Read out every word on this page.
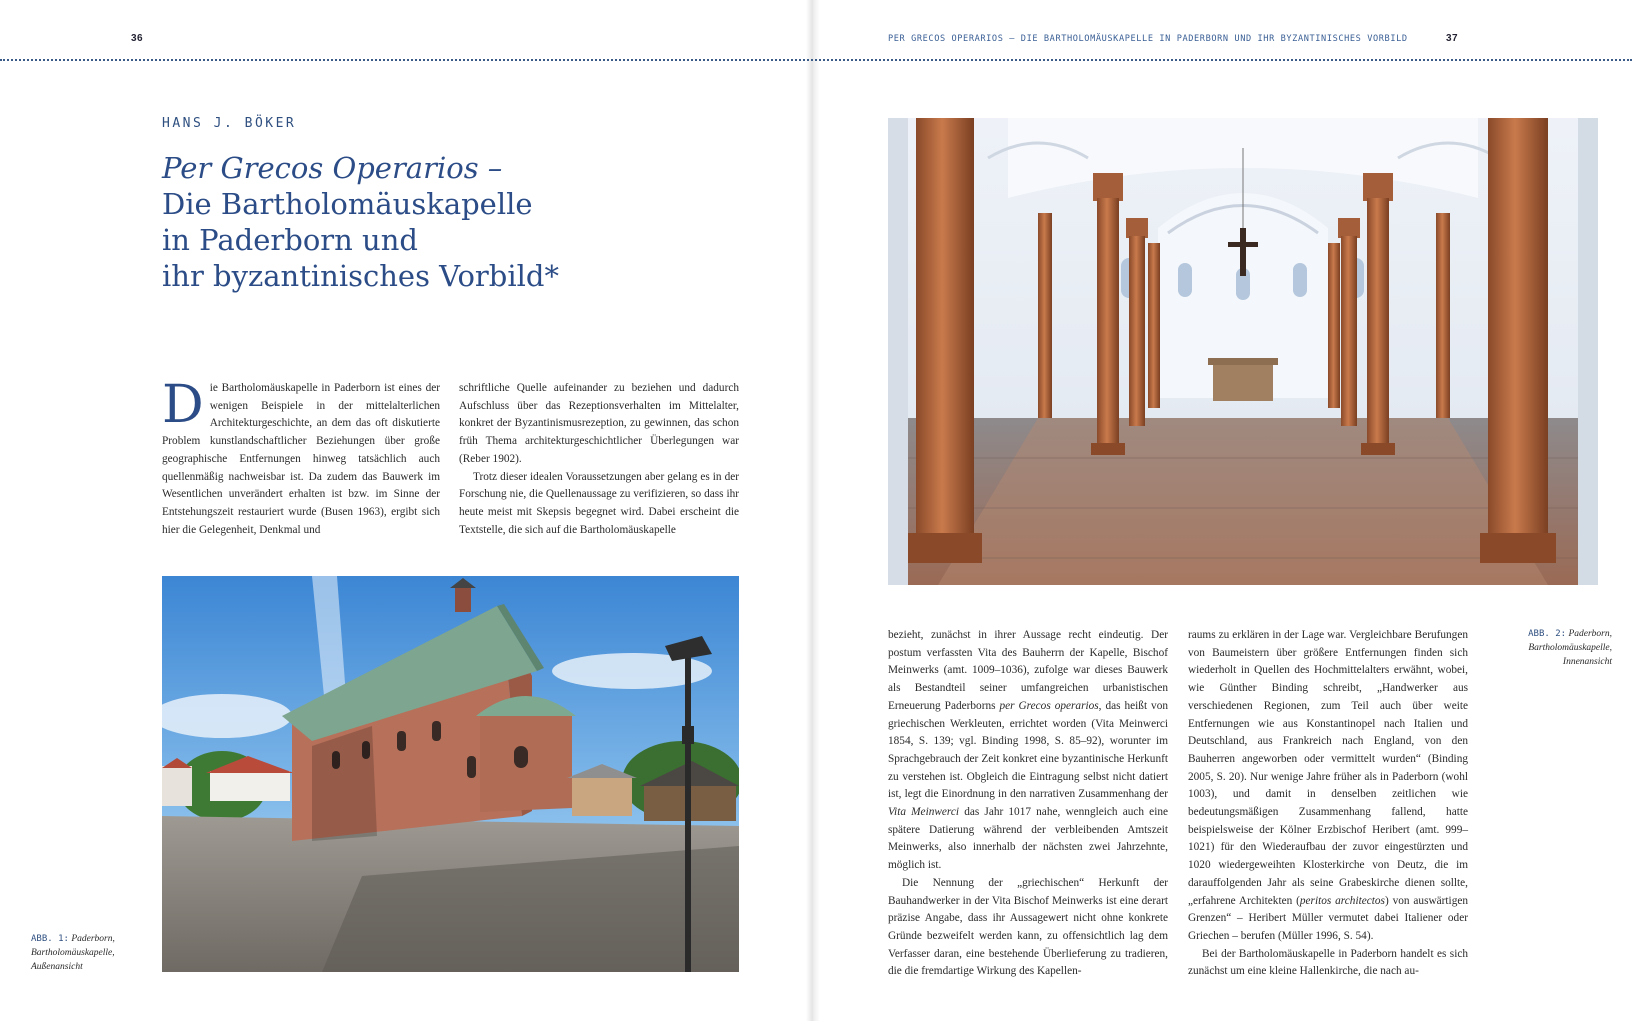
36
HANS J. BÖKER
Per Grecos Operarios –
Die Bartholomäuskapelle
in Paderborn und
ihr byzantinisches Vorbild*

Die Bartholomäuskapelle in Paderborn ist eines der wenigen Beispiele in der mittelalterlichen Architekturgeschichte, an dem das oft diskutierte Problem kunstlandschaftlicher Beziehungen über große geographische Entfernungen hinweg tatsächlich auch quellenmäßig nachweisbar ist. Da zudem das Bauwerk im Wesentlichen unverändert erhalten ist bzw. im Sinne der Entstehungszeit restauriert wurde (Busen 1963), ergibt sich hier die Gelegenheit, Denkmal und

schriftliche Quelle aufeinander zu beziehen und dadurch Aufschluss über das Rezeptionsverhalten im Mittelalter, konkret der Byzantinismusrezeption, zu gewinnen, das schon früh Thema architekturgeschichtlicher Überlegungen war (Reber 1902).

Trotz dieser idealen Voraussetzungen aber gelang es in der Forschung nie, die Quellenaussage zu verifizieren, so dass ihr heute meist mit Skepsis begegnet wird. Dabei erscheint die Textstelle, die sich auf die Bartholomäuskapelle

ABB. 1: Paderborn,
Bartholomäuskapelle,
Außenansicht
37
ABB. 2: Paderborn,
Bartholomäuskapelle,
Innenansicht

bezieht, zunächst in ihrer Aussage recht eindeutig. Der postum verfassten Vita des Bauherrn der Kapelle, Bischof Meinwerks (amt. 1009–1036), zufolge war dieses Bauwerk als Bestandteil seiner umfangreichen urbanistischen Erneuerung Paderborns per Grecos operarios, das heißt von griechischen Werkleuten, errichtet worden (Vita Meinwerci 1854, S. 139; vgl. Binding 1998, S. 85–92), worunter im Sprachgebrauch der Zeit konkret eine byzantinische Herkunft zu verstehen ist. Obgleich die Eintragung selbst nicht datiert ist, legt die Einordnung in den narrativen Zusammenhang der Vita Meinwerci das Jahr 1017 nahe, wenngleich auch eine spätere Datierung während der verbleibenden Amtszeit Meinwerks, also innerhalb der nächsten zwei Jahrzehnte, möglich ist.

Die Nennung der „griechischen“ Herkunft der Bauhandwerker in der Vita Bischof Meinwerks ist eine derart präzise Angabe, dass ihr Aussagewert nicht ohne konkrete Gründe bezweifelt werden kann, zu offensichtlich lag dem Verfasser daran, eine bestehende Überlieferung zu tradieren, die die fremdartige Wirkung des Kapellen-

raums zu erklären in der Lage war. Vergleichbare Berufungen von Baumeistern über größere Entfernungen finden sich wiederholt in Quellen des Hochmittelalters erwähnt, wobei, wie Günther Binding schreibt, „Handwerker aus verschiedenen Regionen, zum Teil auch über weite Entfernungen wie aus Konstantinopel nach Italien und Deutschland, aus Frankreich nach England, von den Bauherren angeworben oder vermittelt wurden“ (Binding 2005, S. 20). Nur wenige Jahre früher als in Paderborn (wohl 1003), und damit in denselben zeitlichen wie bedeutungsmäßigen Zusammenhang fallend, hatte beispielsweise der Kölner Erzbischof Heribert (amt. 999–1021) für den Wiederaufbau der zuvor eingestürzten und 1020 wiedergeweihten Klosterkirche von Deutz, die im darauffolgenden Jahr als seine Grabeskirche dienen sollte, „erfahrene Architekten (peritos architectos) von auswärtigen Grenzen“ – Heribert Müller vermutet dabei Italiener oder Griechen – berufen (Müller 1996, S. 54).

Bei der Bartholomäuskapelle in Paderborn handelt es sich zunächst um eine kleine Hallenkirche, die nach au-

PER GRECOS OPERARIOS – DIE BARTHOLOMÄUSKAPELLE IN PADERBORN UND IHR BYZANTINISCHES VORBILD
